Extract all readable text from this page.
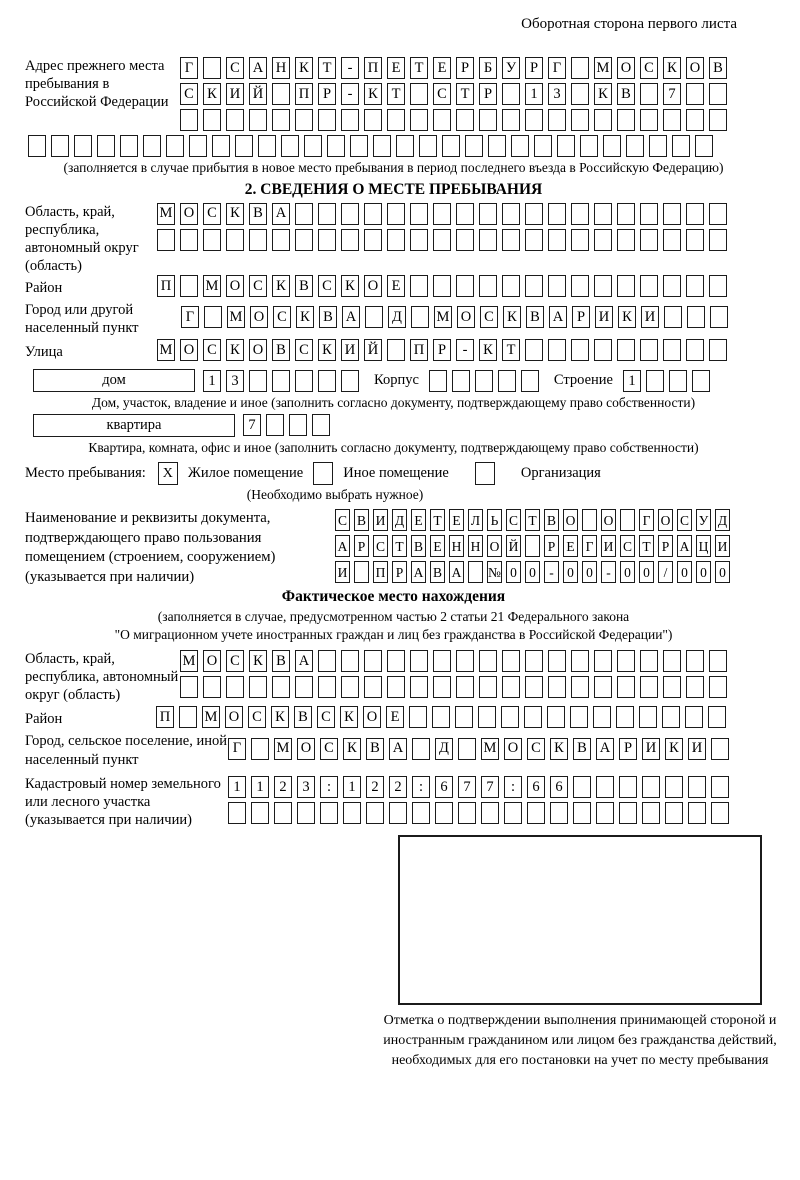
Оборотная сторона первого листа
Адрес прежнего места пребывания в Российской Федерации
Г	С А Н К Т	-	П Е Т Е	Р	Б У Р	Г	М О С К О В
С К И Й П Р	-	К Т	С Т	Р	1	3	К В	7
(заполняется в случае прибытия в новое место пребывания в период последнего въезда в Российскую Федерацию)
2. СВЕДЕНИЯ О МЕСТЕ ПРЕБЫВАНИЯ
Область, край, республика, автономный округ (область)
М О С К В А
Район	П М О С К В С К О Е
Город или другой населенный пункт
Г	М О С К В А Д М О С К В А Р И К И
Улица	М О С К О В С К И Й П Р	-	К Т
дом	1	3	Корпус	Строение	1
Дом, участок, владение и иное (заполнить согласно документу, подтверждающему право собственности)
квартира	7
Квартира, комната, офис и иное (заполнить согласно документу, подтверждающему право собственности)
Место пребывания: X Жилое помещение	Иное помещение	Организация
(Необходимо выбрать нужное)
Наименование и реквизиты документа, подтверждающего право пользования помещением (строением, сооружением) (указывается при наличии)
С В И Д Е Т Е Л Ь С Т В О О Г О С У Д
А Р С Т В Е Н Н О Й Р Е Г И С Т Р А Ц И
И П Р А В А № 0 0 - 0 0 - 0 0	/	0 0 0
Фактическое место нахождения
(заполняется в случае, предусмотренном частью 2 статьи 21 Федерального закона
"О миграционном учете иностранных граждан и лиц без гражданства в Российской Федерации")
Область, край, республика, автономный округ (область)
М О С К В А
Район	П М О С К В С К О Е
Город, сельское поселение, иной населенный пункт
Г	М О С К В А Д М О С К В А Р И К И
Кадастровый номер земельного или лесного участка (указывается при наличии)
1	1	2	3	:	1	2	2	:	6	7	7	:	6	6
Отметка о подтверждении выполнения принимающей стороной и иностранным гражданином или лицом без гражданства действий, необходимых для его постановки на учет по месту пребывания
